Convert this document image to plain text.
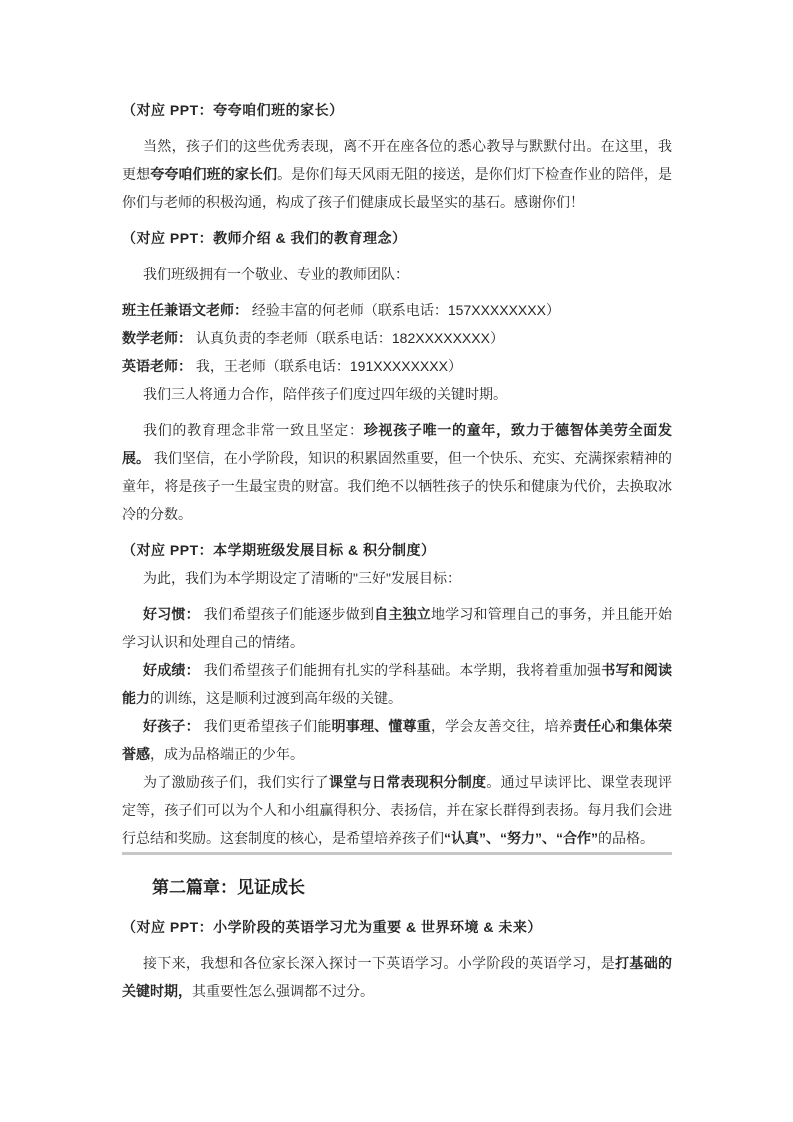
（对应 PPT：夸夸咱们班的家长）

当然，孩子们的这些优秀表现，离不开在座各位的悉心教导与默默付出。在这里，我更想夸夸咱们班的家长们。是你们每天风雨无阻的接送，是你们灯下检查作业的陪伴，是你们与老师的积极沟通，构成了孩子们健康成长最坚实的基石。感谢你们！

（对应 PPT：教师介绍 & 我们的教育理念）

我们班级拥有一个敬业、专业的教师团队：

班主任兼语文老师： 经验丰富的何老师（联系电话：157XXXXXXXX）

数学老师： 认真负责的李老师（联系电话：182XXXXXXXX）

英语老师： 我，王老师（联系电话：191XXXXXXXX）

我们三人将通力合作，陪伴孩子们度过四年级的关键时期。

我们的教育理念非常一致且坚定：珍视孩子唯一的童年，致力于德智体美劳全面发展。 我们坚信，在小学阶段，知识的积累固然重要，但一个快乐、充实、充满探索精神的童年，将是孩子一生最宝贵的财富。我们绝不以牺牲孩子的快乐和健康为代价，去换取冰冷的分数。

（对应 PPT：本学期班级发展目标 & 积分制度）

为此，我们为本学期设定了清晰的"三好"发展目标：

好习惯： 我们希望孩子们能逐步做到自主独立地学习和管理自己的事务，并且能开始学习认识和处理自己的情绪。

好成绩： 我们希望孩子们能拥有扎实的学科基础。本学期，我将着重加强书写和阅读能力的训练，这是顺利过渡到高年级的关键。

好孩子： 我们更希望孩子们能明事理、懂尊重，学会友善交往，培养责任心和集体荣誉感，成为品格端正的少年。

为了激励孩子们，我们实行了课堂与日常表现积分制度。通过早读评比、课堂表现评定等，孩子们可以为个人和小组赢得积分、表扬信，并在家长群得到表扬。每月我们会进行总结和奖励。这套制度的核心，是希望培养孩子们“认真”、“努力”、“合作”的品格。

第二篇章：见证成长

（对应 PPT：小学阶段的英语学习尤为重要 & 世界环境 & 未来）

接下来，我想和各位家长深入探讨一下英语学习。小学阶段的英语学习，是打基础的关键时期，其重要性怎么强调都不过分。
